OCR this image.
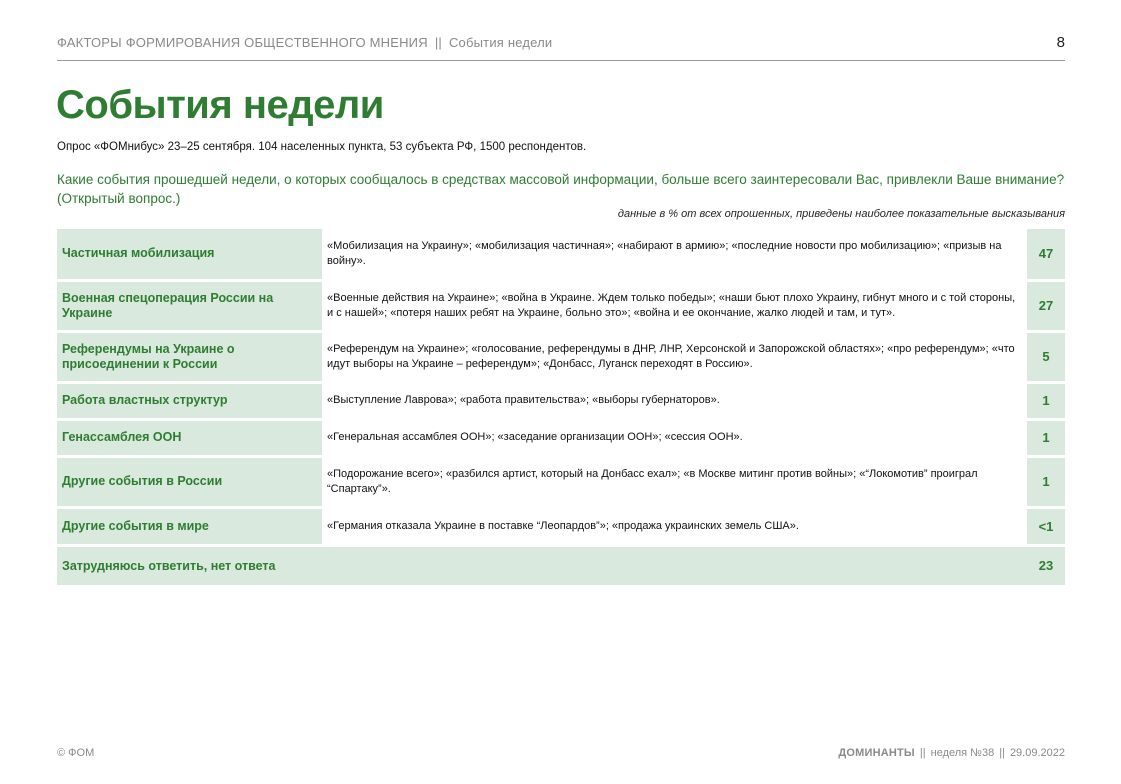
ФАКТОРЫ ФОРМИРОВАНИЯ ОБЩЕСТВЕННОГО МНЕНИЯ || События недели	8
События недели
Опрос «ФОМнибус» 23–25 сентября. 104 населенных пункта, 53 субъекта РФ, 1500 респондентов.
Какие события прошедшей недели, о которых сообщалось в средствах массовой информации, больше всего заинтересовали Вас, привлекли Ваше внимание?
(Открытый вопрос.)
данные в % от всех опрошенных, приведены наиболее показательные высказывания
Частичная мобилизация	«Мобилизация на Украину»; «мобилизация частичная»; «набирают в армию»; «последние новости про мобилизацию»; «призыв на войну».	47
Военная спецоперация России на Украине	«Военные действия на Украине»; «война в Украине. Ждем только победы»; «наши бьют плохо Украину, гибнут много и с той стороны, и с нашей»; «потеря наших ребят на Украине, больно это»; «война и ее окончание, жалко людей и там, и тут».	27
Референдумы на Украине о присоединении к России	«Референдум на Украине»; «голосование, референдумы в ДНР, ЛНР, Херсонской и Запорожской областях»; «про референдум»; «что идут выборы на Украине – референдум»; «Донбасс, Луганск переходят в Россию».	5
Работа властных структур	«Выступление Лаврова»; «работа правительства»; «выборы губернаторов».	1
Генассамблея ООН	«Генеральная ассамблея ООН»; «заседание организации ООН»; «сессия ООН».	1
Другие события в России	«Подорожание всего»; «разбился артист, который на Донбасс ехал»; «в Москве митинг против войны»; «“Локомотив” проиграл “Спартаку”».	1
Другие события в мире	«Германия отказала Украине в поставке “Леопардов”»; «продажа украинских земель США».	<1
Затрудняюсь ответить, нет ответа		23
© ФОМ	ДОМИНАНТЫ || неделя №38 || 29.09.2022
